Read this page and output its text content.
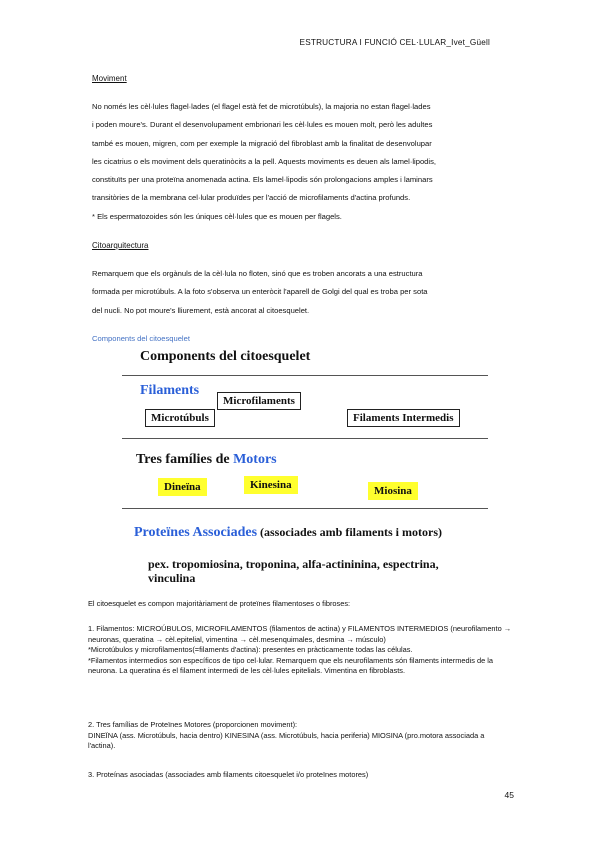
ESTRUCTURA I FUNCIÓ CEL·LULAR_Ivet_Güell
Moviment

No només les cèl·lules flagel·lades (el flagel està fet de microtúbuls), la majoria no estan flagel·lades

i poden moure's. Durant el desenvolupament embrionari les cèl·lules es mouen molt, però les adultes

també es mouen, migren, com per exemple la migració del fibroblast amb la finalitat de desenvolupar

les cicatrius o els moviment dels queratinòcits a la pell. Aquests moviments es deuen als lamel·lipodis,

constituïts per una proteïna anomenada actina. Els lamel·lipodis són prolongacions amples i laminars

transitòries de la membrana cel·lular produïdes per l'acció de microfilaments d'actina profunds.

* Els espermatozoides són les úniques cèl·lules que es mouen per flagels.

Citoarquitectura

Remarquem que els orgànuls de la cèl·lula no floten, sinó que es troben ancorats a una estructura

formada per microtúbuls. A la foto s'observa un enteròcit l'aparell de Golgi del qual es troba per sota

del nucli. No pot moure's lliurement, està ancorat al citoesquelet.

Components del citoesquelet
Components del citoesquelet
Filaments
Microtúbuls
Microfilaments
Filaments Intermedis
Tres famílies de Motors
Dineïna	Kinesina	Miosina
Proteïnes Associades (associades amb filaments i motors)
pex. tropomiosina, troponina, alfa-actininina, espectrina, vinculina
El citoesquelet es compon majoritàriament de proteïnes filamentoses o fibroses:

1. Filamentos: MICROÚBULOS, MICROFILAMENTOS (filamentos de actina) y FILAMENTOS INTERMEDIOS (neurofilamento → neuronas, queratina → cèl.epitelial, vimentina → cèl.mesenquimales, desmina → músculo)

*Microtúbulos y microfilamentos(=filaments d'actina): presentes en pràcticamente todas las células.

*Filamentos intermedios son específicos de tipo cel·lular. Remarquem que els neurofilaments són filaments intermedis de la neurona. La queratina és el filament intermedi de les cèl·lules epitelials. Vimentina en fibroblasts.

2. Tres famílias de Proteïnes Motores (proporcionen moviment):

DINEÏNA (ass. Microtúbuls, hacia dentro) KINESINA (ass. Microtúbuls, hacia periferia) MIOSINA (pro.motora associada a l'actina).

3. Proteínas asociadas (associades amb filaments citoesquelet i/o proteïnes motores)
45
